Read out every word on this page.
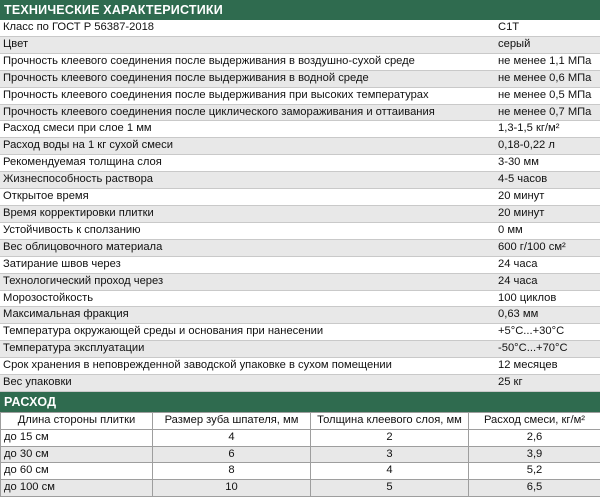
ТЕХНИЧЕСКИЕ ХАРАКТЕРИСТИКИ
Класс по ГОСТ Р 56387-2018	С1Т
Цвет	серый
Прочность клеевого соединения после выдерживания в воздушно-сухой среде	не менее 1,1 МПа
Прочность клеевого соединения после выдерживания в водной среде	не менее 0,6 МПа
Прочность клеевого соединения после выдерживания при высоких температурах	не менее 0,5 МПа
Прочность клеевого соединения после циклического замораживания и оттаивания	не менее 0,7 МПа
Расход смеси при слое 1 мм	1,3-1,5 кг/м²
Расход воды на 1 кг сухой смеси	0,18-0,22 л
Рекомендуемая толщина слоя	3-30 мм
Жизнеспособность раствора	4-5 часов
Открытое время	20 минут
Время корректировки плитки	20 минут
Устойчивость к сползанию	0 мм
Вес облицовочного материала	600 г/100 см²
Затирание швов через	24 часа
Технологический проход через	24 часа
Морозостойкость	100 циклов
Максимальная фракция	0,63 мм
Температура окружающей среды и основания при нанесении	+5°С...+30°С
Температура эксплуатации	-50°С...+70°С
Срок хранения в неповрежденной заводской упаковке в сухом помещении	12 месяцев
Вес упаковки	25 кг
РАСХОД
Длина стороны плитки	Размер зуба шпателя, мм	Толщина клеевого слоя, мм	Расход смеси, кг/м²
до 15 см	4	2	2,6
до 30 см	6	3	3,9
до 60 см	8	4	5,2
до 100 см	10	5	6,5
